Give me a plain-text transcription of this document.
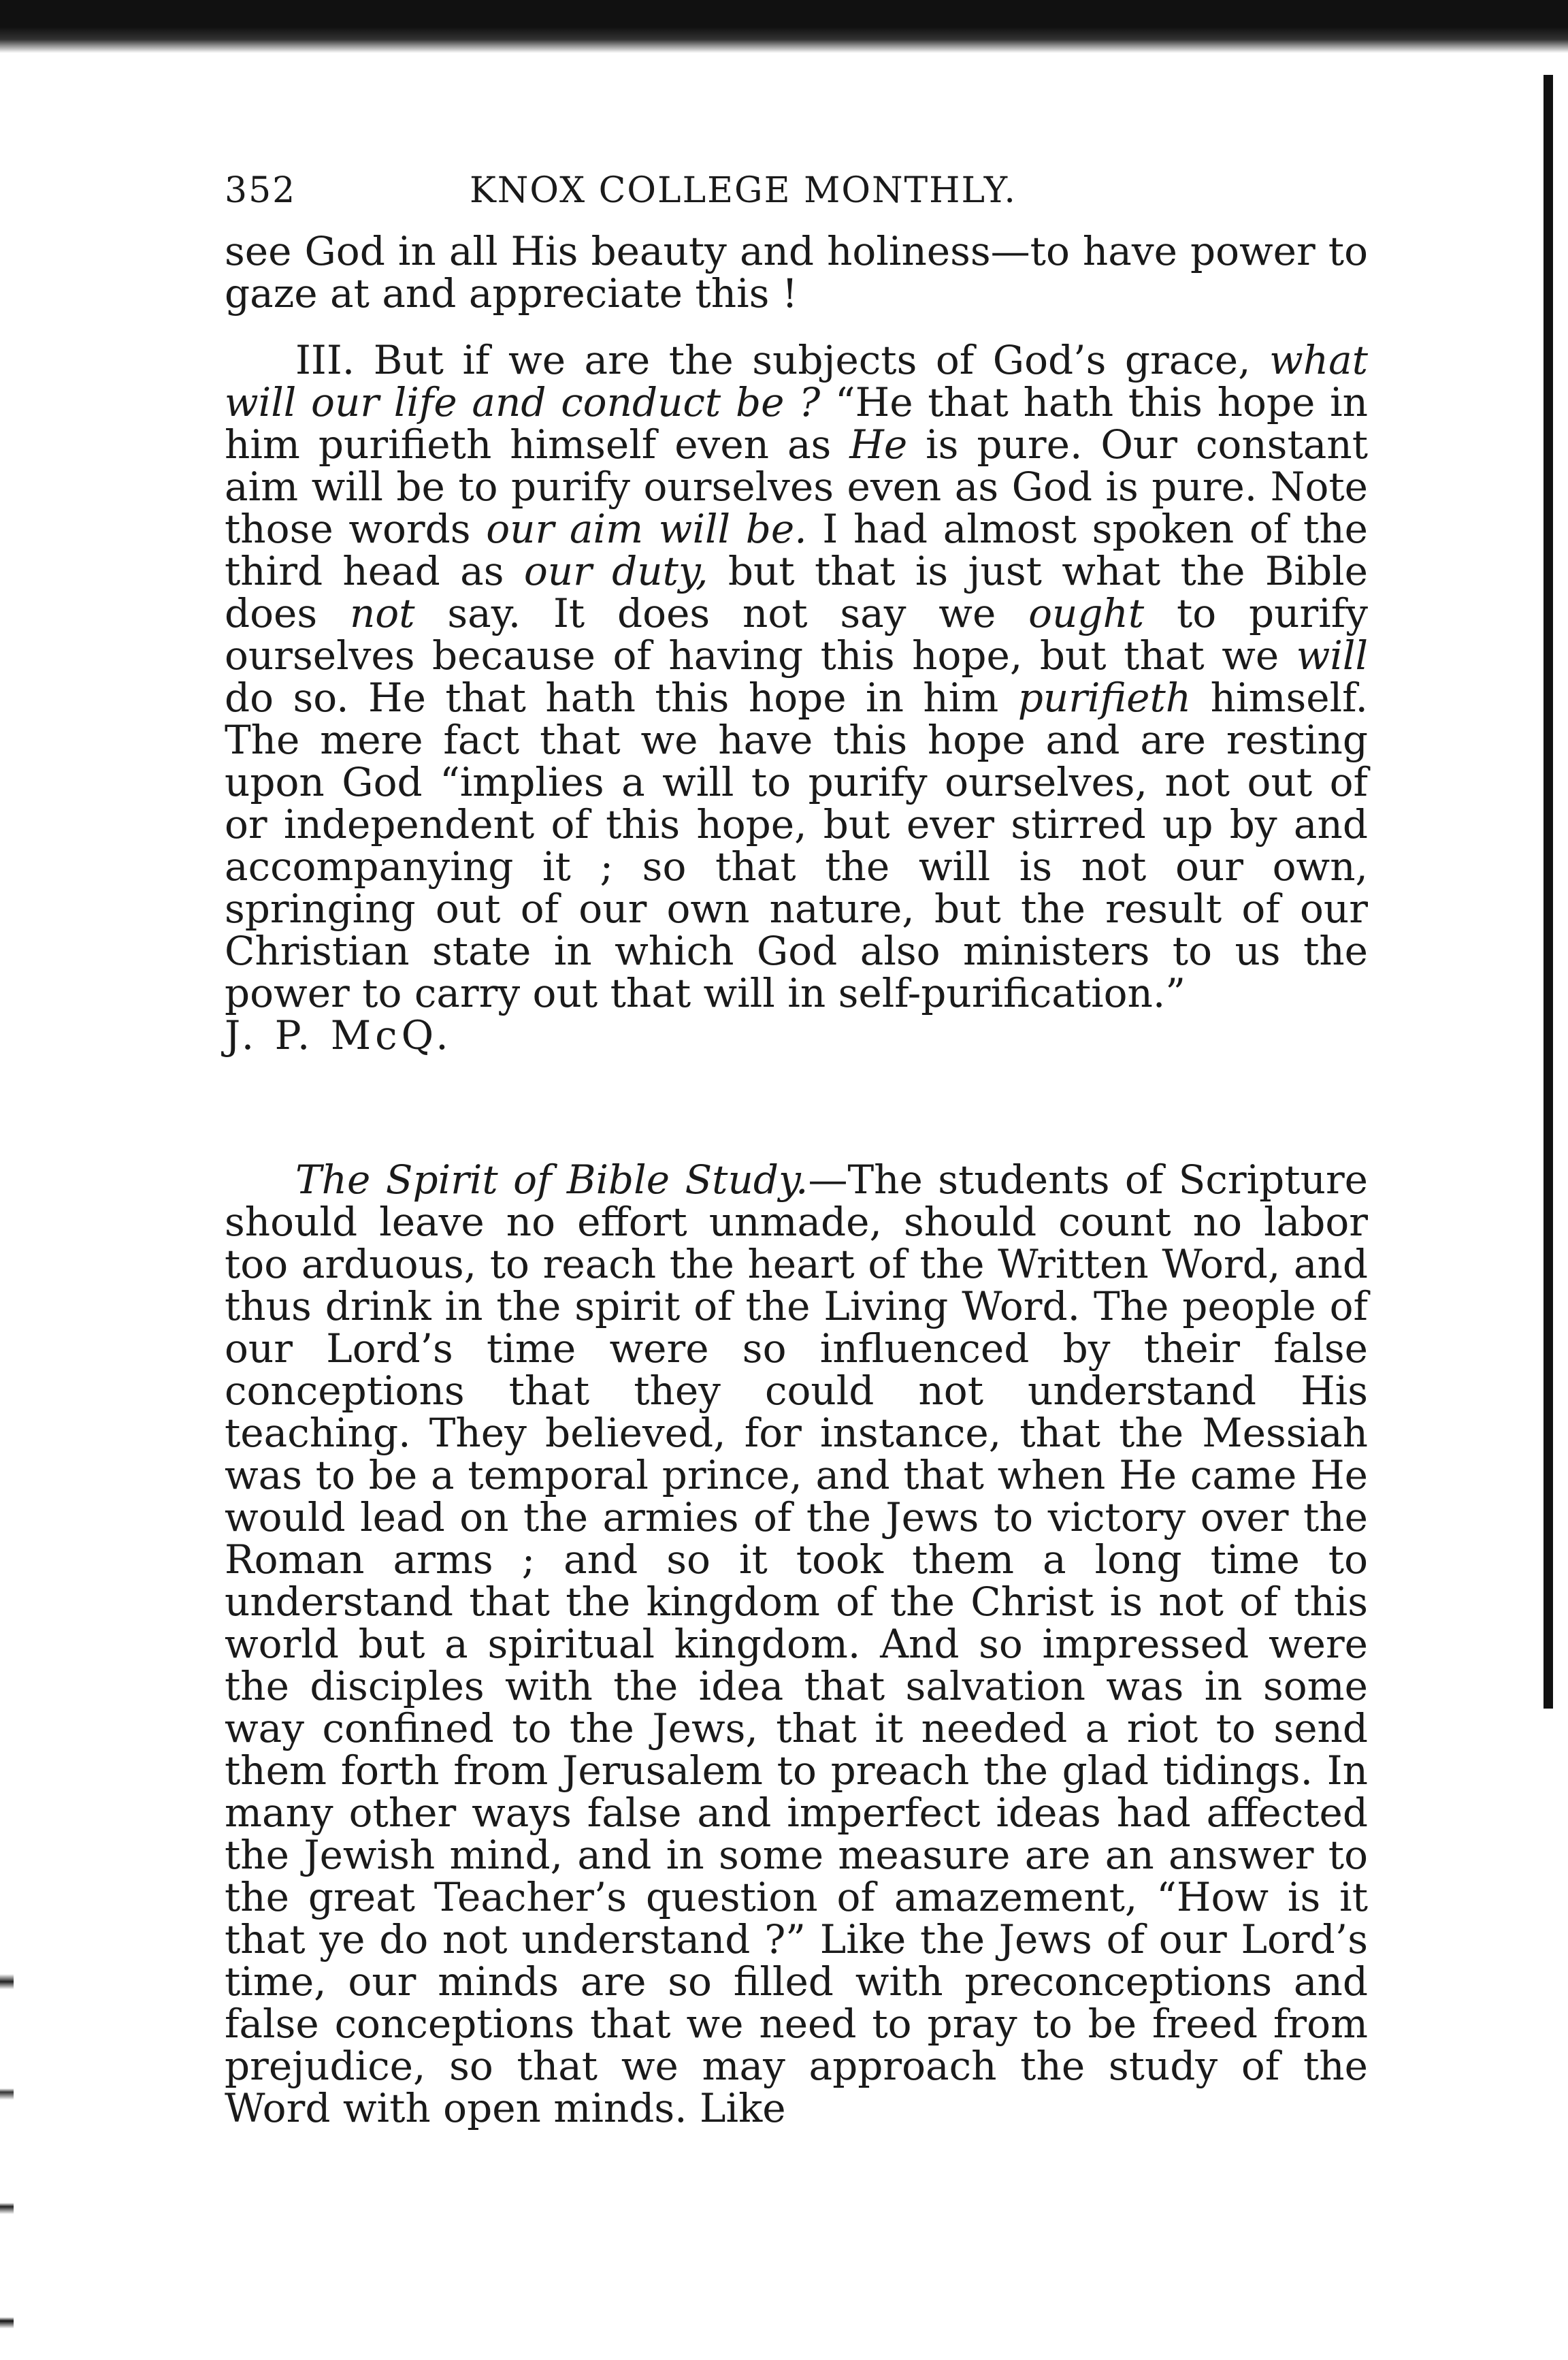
352	KNOX COLLEGE MONTHLY.

see God in all His beauty and holiness—to have power to gaze at and appreciate this !

III. But if we are the subjects of God’s grace, what will our life and conduct be ? “He that hath this hope in him purifieth himself even as He is pure. Our constant aim will be to purify ourselves even as God is pure. Note those words our aim will be. I had almost spoken of the third head as our duty, but that is just what the Bible does not say. It does not say we ought to purify ourselves because of having this hope, but that we will do so. He that hath this hope in him purifieth himself. The mere fact that we have this hope and are resting upon God “implies a will to purify ourselves, not out of or independent of this hope, but ever stirred up by and accompanying it ; so that the will is not our own, springing out of our own nature, but the result of our Christian state in which God also ministers to us the power to carry out that will in self-purification.”

J. P. McQ.

The Spirit of Bible Study.—The students of Scripture should leave no effort unmade, should count no labor too arduous, to reach the heart of the Written Word, and thus drink in the spirit of the Living Word. The people of our Lord’s time were so influenced by their false conceptions that they could not understand His teaching. They believed, for instance, that the Messiah was to be a temporal prince, and that when He came He would lead on the armies of the Jews to victory over the Roman arms ; and so it took them a long time to understand that the kingdom of the Christ is not of this world but a spiritual kingdom. And so impressed were the disciples with the idea that salvation was in some way confined to the Jews, that it needed a riot to send them forth from Jerusalem to preach the glad tidings. In many other ways false and imperfect ideas had affected the Jewish mind, and in some measure are an answer to the great Teacher’s question of amazement, “How is it that ye do not understand ?” Like the Jews of our Lord’s time, our minds are so filled with preconceptions and false conceptions that we need to pray to be freed from prejudice, so that we may approach the study of the Word with open minds. Like
